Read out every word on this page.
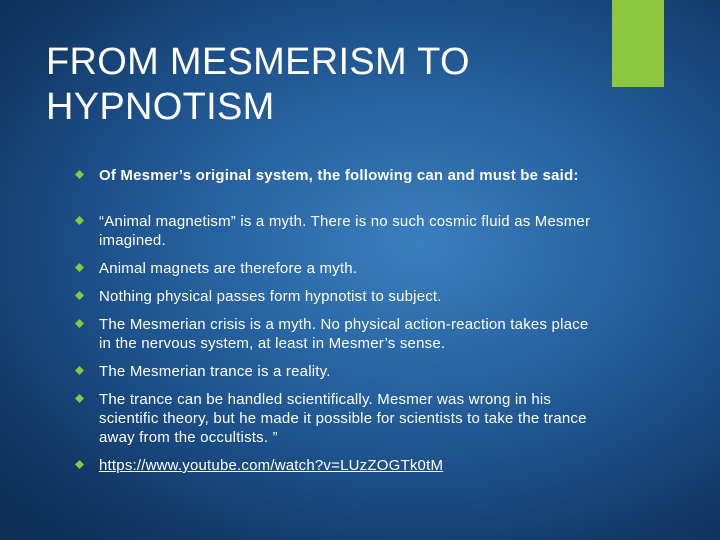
FROM MESMERISM TO HYPNOTISM
Of Mesmer’s original system, the following can and must be said:
“Animal magnetism” is a myth. There is no such cosmic fluid as Mesmer imagined.
Animal magnets are therefore a myth.
Nothing physical passes form hypnotist to subject.
The Mesmerian crisis is a myth. No physical action-reaction takes place in the nervous system, at least in Mesmer’s sense.
The Mesmerian trance is a reality.
The trance can be handled scientifically. Mesmer was wrong in his scientific theory, but he made it possible for scientists to take the trance away from the occultists. ”
https://www.youtube.com/watch?v=LUzZOGTk0tM
